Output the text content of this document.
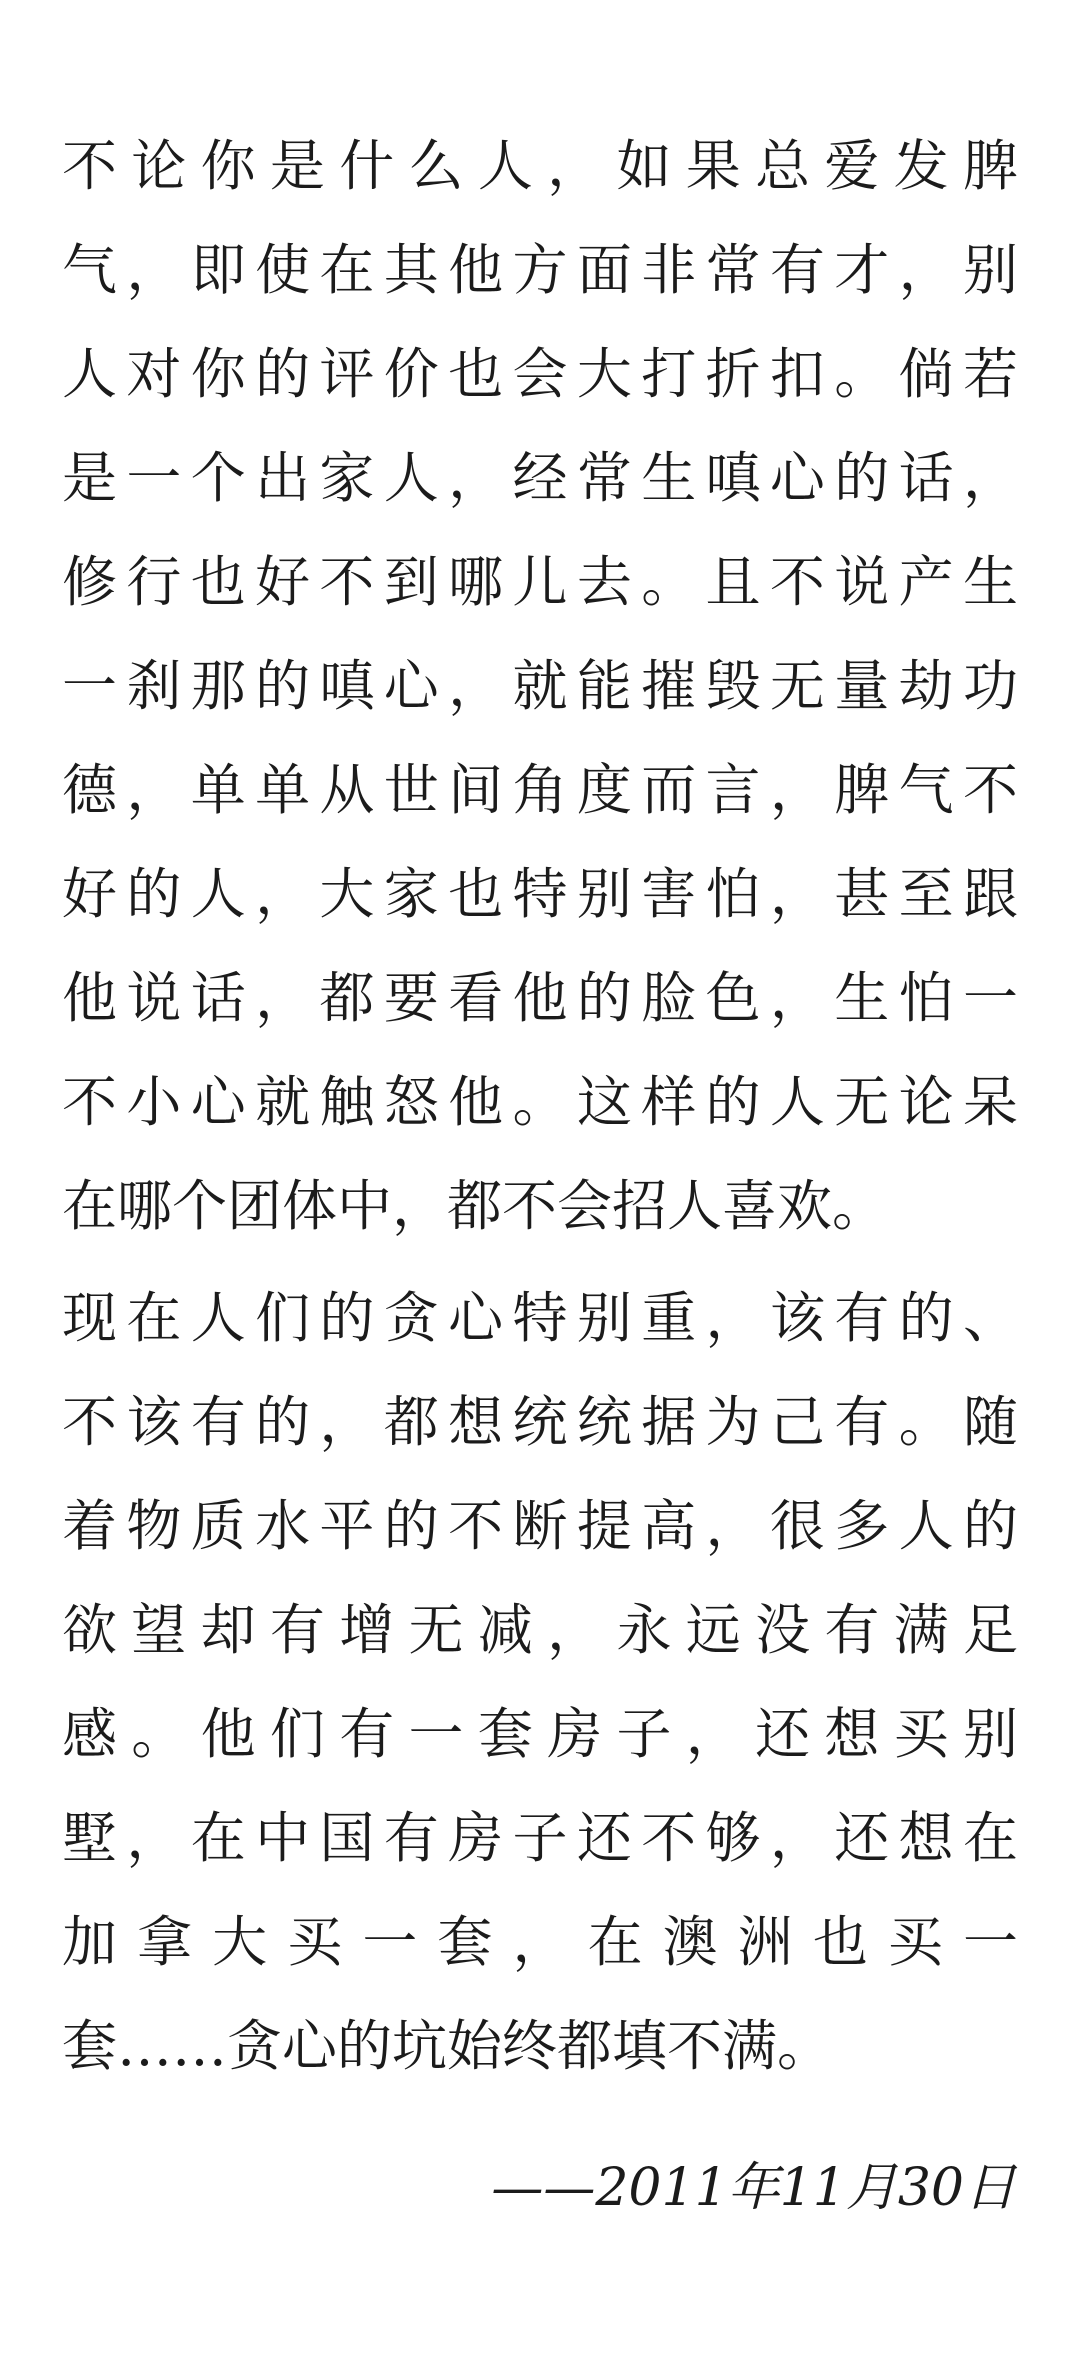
不论你是什么人，如果总爱发脾
气，即使在其他方面非常有才，别
人对你的评价也会大打折扣。倘若
是一个出家人，经常生嗔心的话，
修行也好不到哪儿去。且不说产生
一刹那的嗔心，就能摧毁无量劫功
德，单单从世间角度而言，脾气不
好的人，大家也特别害怕，甚至跟
他说话，都要看他的脸色，生怕一
不小心就触怒他。这样的人无论呆
在哪个团体中，都不会招人喜欢。
现在人们的贪心特别重，该有的、
不该有的，都想统统据为己有。随
着物质水平的不断提高，很多人的
欲望却有增无减，永远没有满足
感。他们有一套房子，还想买别
墅，在中国有房子还不够，还想在
加拿大买一套，在澳洲也买一
套……贪心的坑始终都填不满。
——2011年11月30日
